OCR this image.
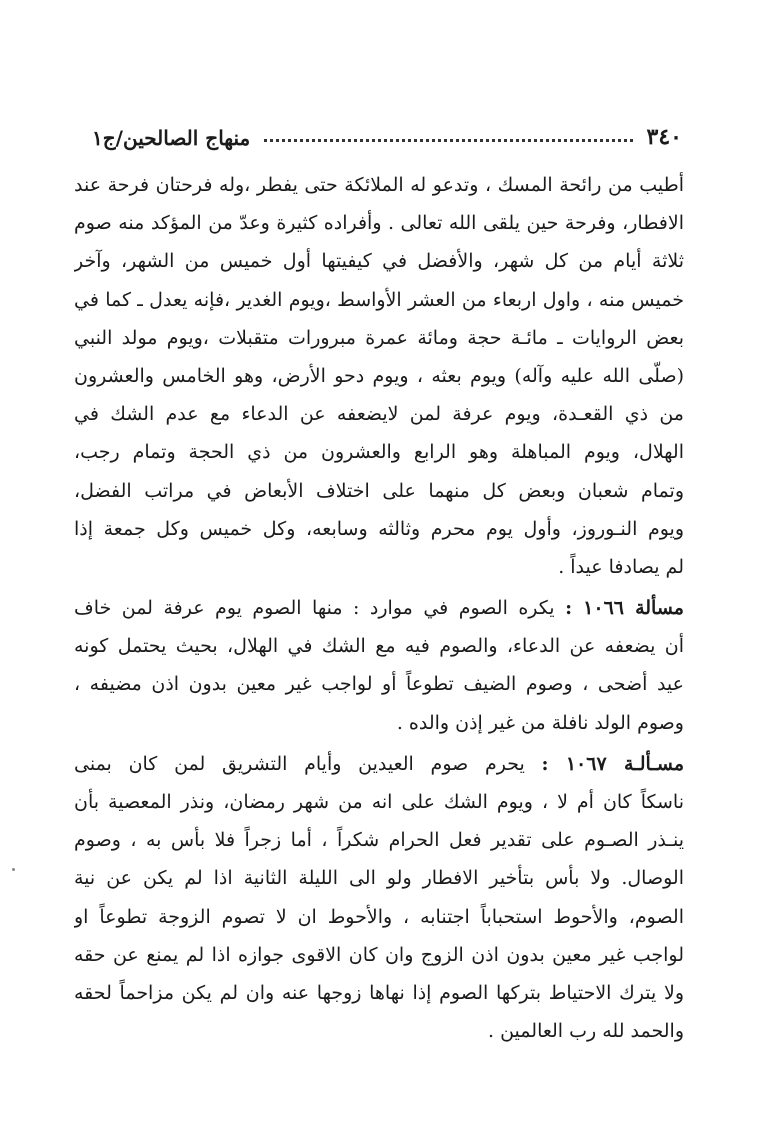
٣٤٠
منهاج الصالحين/ج١
أطيب من رائحة المسك ، وتدعو له الملائكة حتى يفطر ،وله فرحتان فرحة عند
الافطار، وفرحة حين يلقى الله تعالى . وأفراده كثيرة وعدّ من المؤكد منه صوم
ثلاثة أيام من كل شهر، والأفضل في كيفيتها أول خميس من الشهر، وآخر
خميس منه ، واول اربعاء من العشر الأواسط ،ويوم الغدير ،فإنه يعدل ـ كما في
بعض الروايات ـ مائـة حجة ومائة عمرة مبرورات متقبلات ،ويوم مولد النبي
(صلّى الله عليه وآله) ويوم بعثه ، ويوم دحو الأرض، وهو الخامس والعشرون
من ذي القعـدة، ويوم عرفة لمن لايضعفه عن الدعاء مع عدم الشك في
الهلال، ويوم المباهلة وهو الرابع والعشرون من ذي الحجة وتمام رجب،
وتمام شعبان وبعض كل منهما على اختلاف الأبعاض في مراتب الفضل،
ويوم النـوروز، وأول يوم محرم وثالثه وسابعه، وكل خميس وكل جمعة إذا
لم يصادفا عيداً .
مسألة ١٠٦٦ : يكره الصوم في موارد : منها الصوم يوم عرفة لمن خاف
أن يضعفه عن الدعاء، والصوم فيه مع الشك في الهلال، بحيث يحتمل كونه
عيد أضحى ، وصوم الضيف تطوعاً أو لواجب غير معين بدون اذن مضيفه ،
وصوم الولد نافلة من غير إذن والده .
مسـألـة ١٠٦٧ : يحرم صوم العيدين وأيام التشريق لمن كان بمنى
ناسكاً كان أم لا ، ويوم الشك على انه من شهر رمضان، ونذر المعصية بأن
ينـذر الصـوم على تقدير فعل الحرام شكراً ، أما زجراً فلا بأس به ، وصوم
الوصال. ولا بأس بتأخير الافطار ولو الى الليلة الثانية اذا لم يكن عن نية
الصوم، والأحوط استحباباً اجتنابه ، والأحوط ان لا تصوم الزوجة تطوعاً او
لواجب غير معين بدون اذن الزوج وان كان الاقوى جوازه اذا لم يمنع عن حقه
ولا يترك الاحتياط بتركها الصوم إذا نهاها زوجها عنه وان لم يكن مزاحماً لحقه
والحمد لله رب العالمين .
